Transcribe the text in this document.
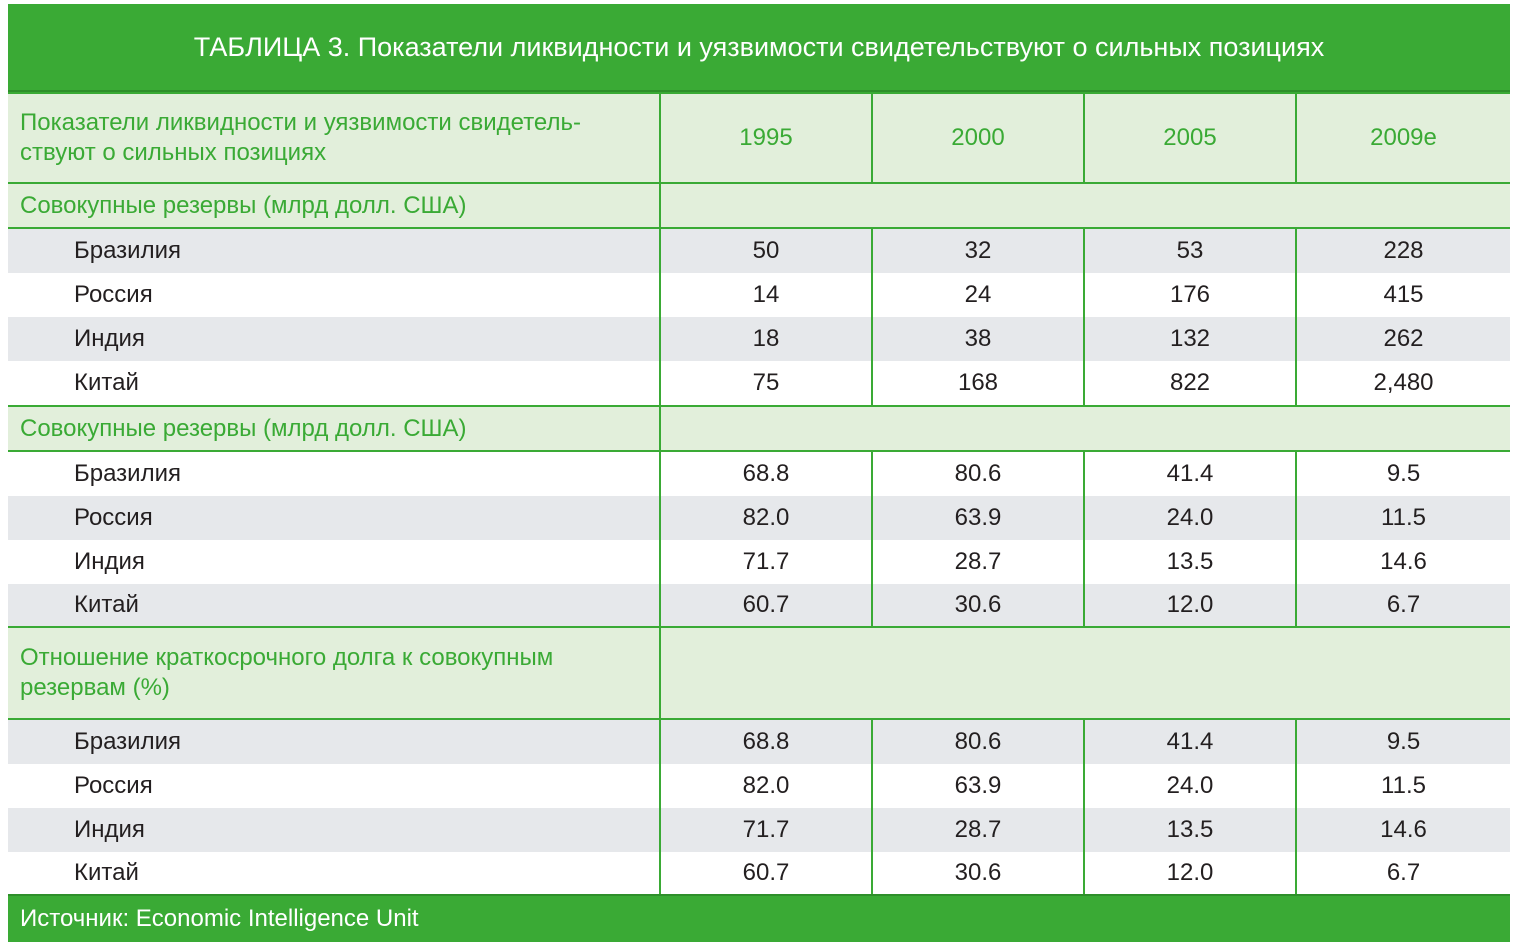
ТАБЛИЦА 3. Показатели ликвидности и уязвимости свидетельствуют о сильных позициях
Показатели ликвидности и уязвимости свидетель-
ствуют о сильных позициях	1995	2000	2005	2009e
Совокупные резервы (млрд долл. США)				
Бразилия	50	32	53	228
Россия	14	24	176	415
Индия	18	38	132	262
Китай	75	168	822	2,480
Совокупные резервы (млрд долл. США)				
Бразилия	68.8	80.6	41.4	9.5
Россия	82.0	63.9	24.0	11.5
Индия	71.7	28.7	13.5	14.6
Китай	60.7	30.6	12.0	6.7
Отношение краткосрочного долга к совокупным
резервам (%)				
Бразилия	68.8	80.6	41.4	9.5
Россия	82.0	63.9	24.0	11.5
Индия	71.7	28.7	13.5	14.6
Китай	60.7	30.6	12.0	6.7
Источник: Economic Intelligence Unit
